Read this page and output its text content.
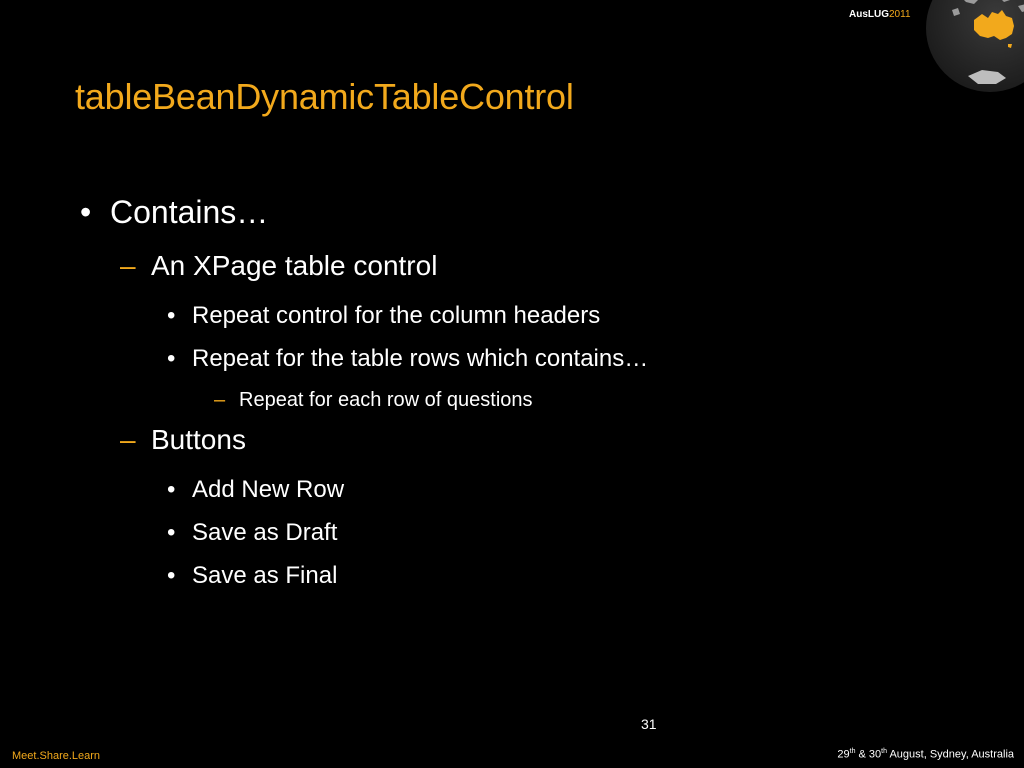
AusLUG2011
tableBeanDynamicTableControl
• Contains…
– An XPage table control
• Repeat control for the column headers
• Repeat for the table rows which contains…
– Repeat for each row of questions
– Buttons
• Add New Row
• Save as Draft
• Save as Final
31
Meet.Share.Learn	29th & 30th August, Sydney, Australia
